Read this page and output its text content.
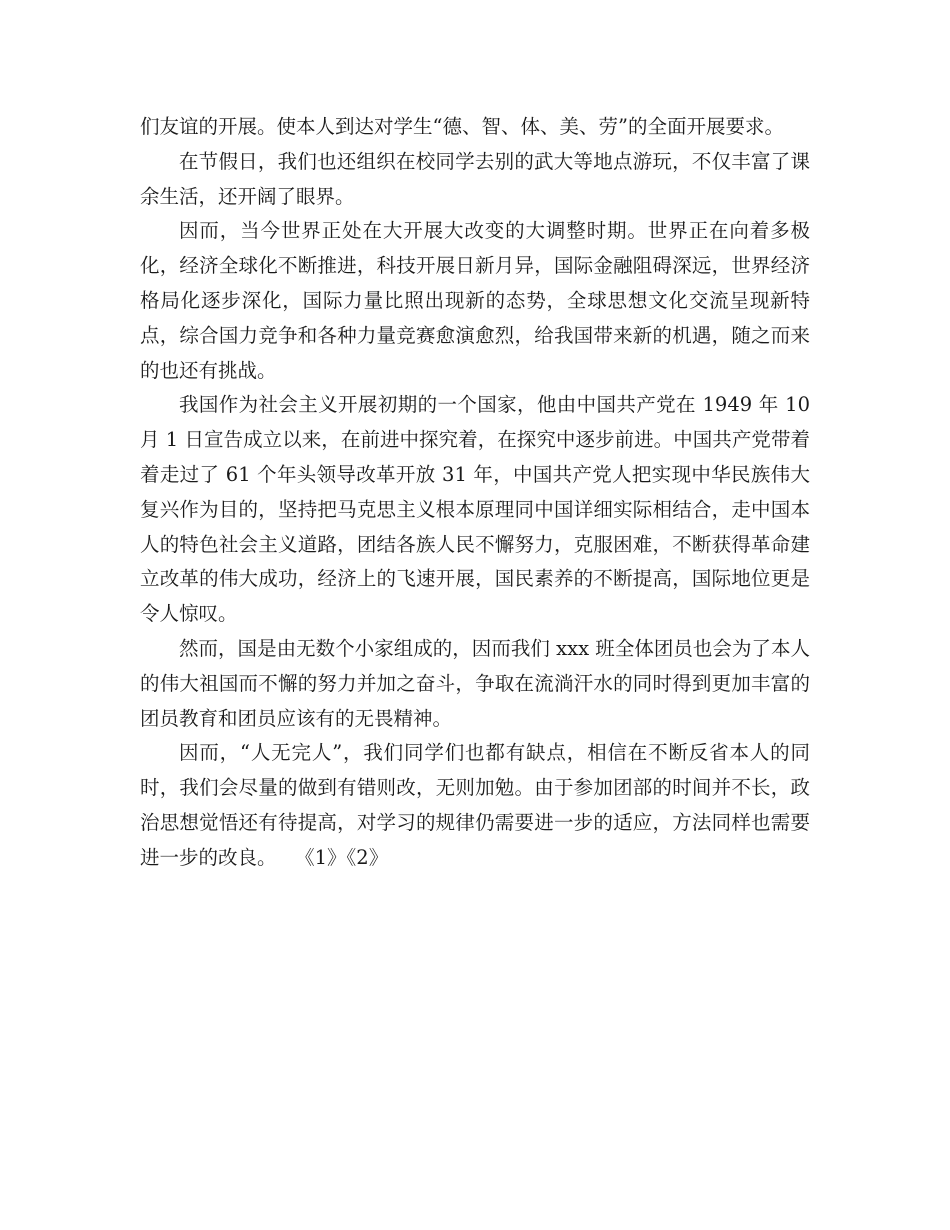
们友谊的开展。使本人到达对学生“德、智、体、美、劳”的全面开展要求。

在节假日，我们也还组织在校同学去别的武大等地点游玩，不仅丰富了课余生活，还开阔了眼界。

因而，当今世界正处在大开展大改变的大调整时期。世界正在向着多极化，经济全球化不断推进，科技开展日新月异，国际金融阻碍深远，世界经济格局化逐步深化，国际力量比照出现新的态势，全球思想文化交流呈现新特点，综合国力竞争和各种力量竞赛愈演愈烈，给我国带来新的机遇，随之而来的也还有挑战。

我国作为社会主义开展初期的一个国家，他由中国共产党在 1949 年 10 月 1 日宣告成立以来，在前进中探究着，在探究中逐步前进。中国共产党带着着走过了 61 个年头领导改革开放 31 年，中国共产党人把实现中华民族伟大复兴作为目的，坚持把马克思主义根本原理同中国详细实际相结合，走中国本人的特色社会主义道路，团结各族人民不懈努力，克服困难，不断获得革命建立改革的伟大成功，经济上的飞速开展，国民素养的不断提高，国际地位更是令人惊叹。

然而，国是由无数个小家组成的，因而我们 xxx 班全体团员也会为了本人的伟大祖国而不懈的努力并加之奋斗，争取在流淌汗水的同时得到更加丰富的团员教育和团员应该有的无畏精神。

因而，“人无完人”，我们同学们也都有缺点，相信在不断反省本人的同时，我们会尽量的做到有错则改，无则加勉。由于参加团部的时间并不长，政治思想觉悟还有待提高，对学习的规律仍需要进一步的适应，方法同样也需要进一步的改良。 《1》《2》
